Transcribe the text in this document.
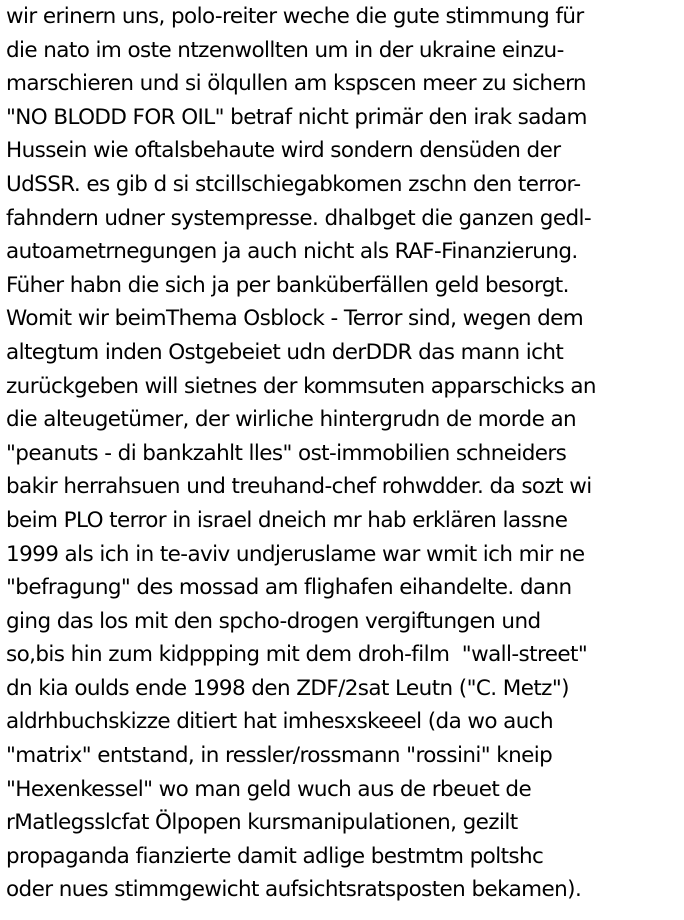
wir erinern uns, polo-reiter weche die gute stimmung für
die nato im oste ntzenwollten um in der ukraine einzu-
marschieren und si ölqullen am kspscen meer zu sichern
"NO BLODD FOR OIL" betraf nicht primär den irak sadam
Hussein wie oftalsbehaute wird sondern densüden der
UdSSR. es gib d si stcillschiegabkomen zschn den terror-
fahndern udner systempresse. dhalbget die ganzen gedl-
autoametrnegungen ja auch nicht als RAF-Finanzierung.
Füher habn die sich ja per banküberfällen geld besorgt.
Womit wir beimThema Osblock - Terror sind, wegen dem
altegtum inden Ostgebeiet udn derDDR das mann icht
zurückgeben will sietnes der kommsuten apparschicks an
die alteugetümer, der wirliche hintergrudn de morde an
"peanuts - di bankzahlt lles" ost-immobilien schneiders
bakir herrahsuen und treuhand-chef rohwdder. da sozt wi
beim PLO terror in israel dneich mr hab erklären lassne
1999 als ich in te-aviv undjeruslame war wmit ich mir ne
"befragung" des mossad am flighafen eihandelte. dann
ging das los mit den spcho-drogen vergiftungen und
so,bis hin zum kidppping mit dem droh-film  "wall-street"
dn kia oulds ende 1998 den ZDF/2sat Leutn ("C. Metz")
aldrhbuchskizze ditiert hat imhesxskeeel (da wo auch
"matrix" entstand, in ressler/rossmann "rossini" kneip
"Hexenkessel" wo man geld wuch aus de rbeuet de
rMatlegsslcfat Ölpopen kursmanipulationen, gezilt
propaganda fianzierte damit adlige bestmtm poltshc
oder nues stimmgewicht aufsichtsratsposten bekamen).
